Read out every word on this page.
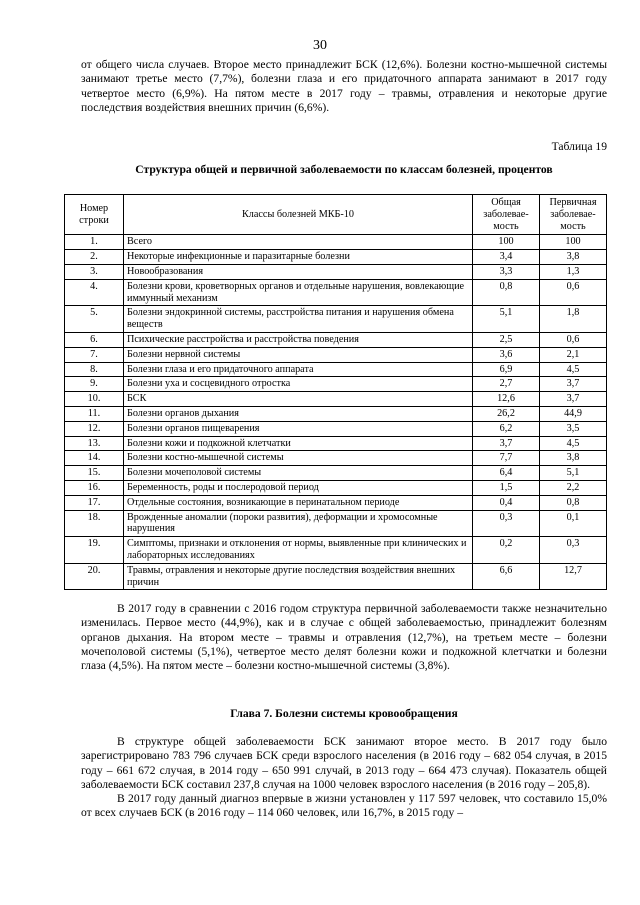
30

от общего числа случаев. Второе место принадлежит БСК (12,6%). Болезни костно-мышечной системы занимают третье место (7,7%), болезни глаза и его придаточного аппарата занимают в 2017 году четвертое место (6,9%). На пятом месте в 2017 году – травмы, отравления и некоторые другие последствия воздействия внешних причин (6,6%).

Таблица 19
Структура общей и первичной заболеваемости по классам болезней, процентов
Номер строки	Классы болезней МКБ-10	Общая заболевае-мость	Первичная заболевае-мость
1.	Всего	100	100
2.	Некоторые инфекционные и паразитарные болезни	3,4	3,8
3.	Новообразования	3,3	1,3
4.	Болезни крови, кроветворных органов и отдельные нарушения, вовлекающие иммунный механизм	0,8	0,6
5.	Болезни эндокринной системы, расстройства питания и нарушения обмена веществ	5,1	1,8
6.	Психические расстройства и расстройства поведения	2,5	0,6
7.	Болезни нервной системы	3,6	2,1
8.	Болезни глаза и его придаточного аппарата	6,9	4,5
9.	Болезни уха и сосцевидного отростка	2,7	3,7
10.	БСК	12,6	3,7
11.	Болезни органов дыхания	26,2	44,9
12.	Болезни органов пищеварения	6,2	3,5
13.	Болезни кожи и подкожной клетчатки	3,7	4,5
14.	Болезни костно-мышечной системы	7,7	3,8
15.	Болезни мочеполовой системы	6,4	5,1
16.	Беременность, роды и послеродовой период	1,5	2,2
17.	Отдельные состояния, возникающие в перинатальном периоде	0,4	0,8
18.	Врожденные аномалии (пороки развития), деформации и хромосомные нарушения	0,3	0,1
19.	Симптомы, признаки и отклонения от нормы, выявленные при клинических и лабораторных исследованиях	0,2	0,3
20.	Травмы, отравления и некоторые другие последствия воздействия внешних причин	6,6	12,7

В 2017 году в сравнении с 2016 годом структура первичной заболеваемости также незначительно изменилась. Первое место (44,9%), как и в случае с общей заболеваемостью, принадлежит болезням органов дыхания. На втором месте – травмы и отравления (12,7%), на третьем месте – болезни мочеполовой системы (5,1%), четвертое место делят болезни кожи и подкожной клетчатки и болезни глаза (4,5%). На пятом месте – болезни костно-мышечной системы (3,8%).

Глава 7. Болезни системы кровообращения

В структуре общей заболеваемости БСК занимают второе место. В 2017 году было зарегистрировано 783 796 случаев БСК среди взрослого населения (в 2016 году – 682 054 случая, в 2015 году – 661 672 случая, в 2014 году – 650 991 случай, в 2013 году – 664 473 случая). Показатель общей заболеваемости БСК составил 237,8 случая на 1000 человек взрослого населения (в 2016 году – 205,8).

В 2017 году данный диагноз впервые в жизни установлен у 117 597 человек, что составило 15,0% от всех случаев БСК (в 2016 году – 114 060 человек, или 16,7%, в 2015 году –
